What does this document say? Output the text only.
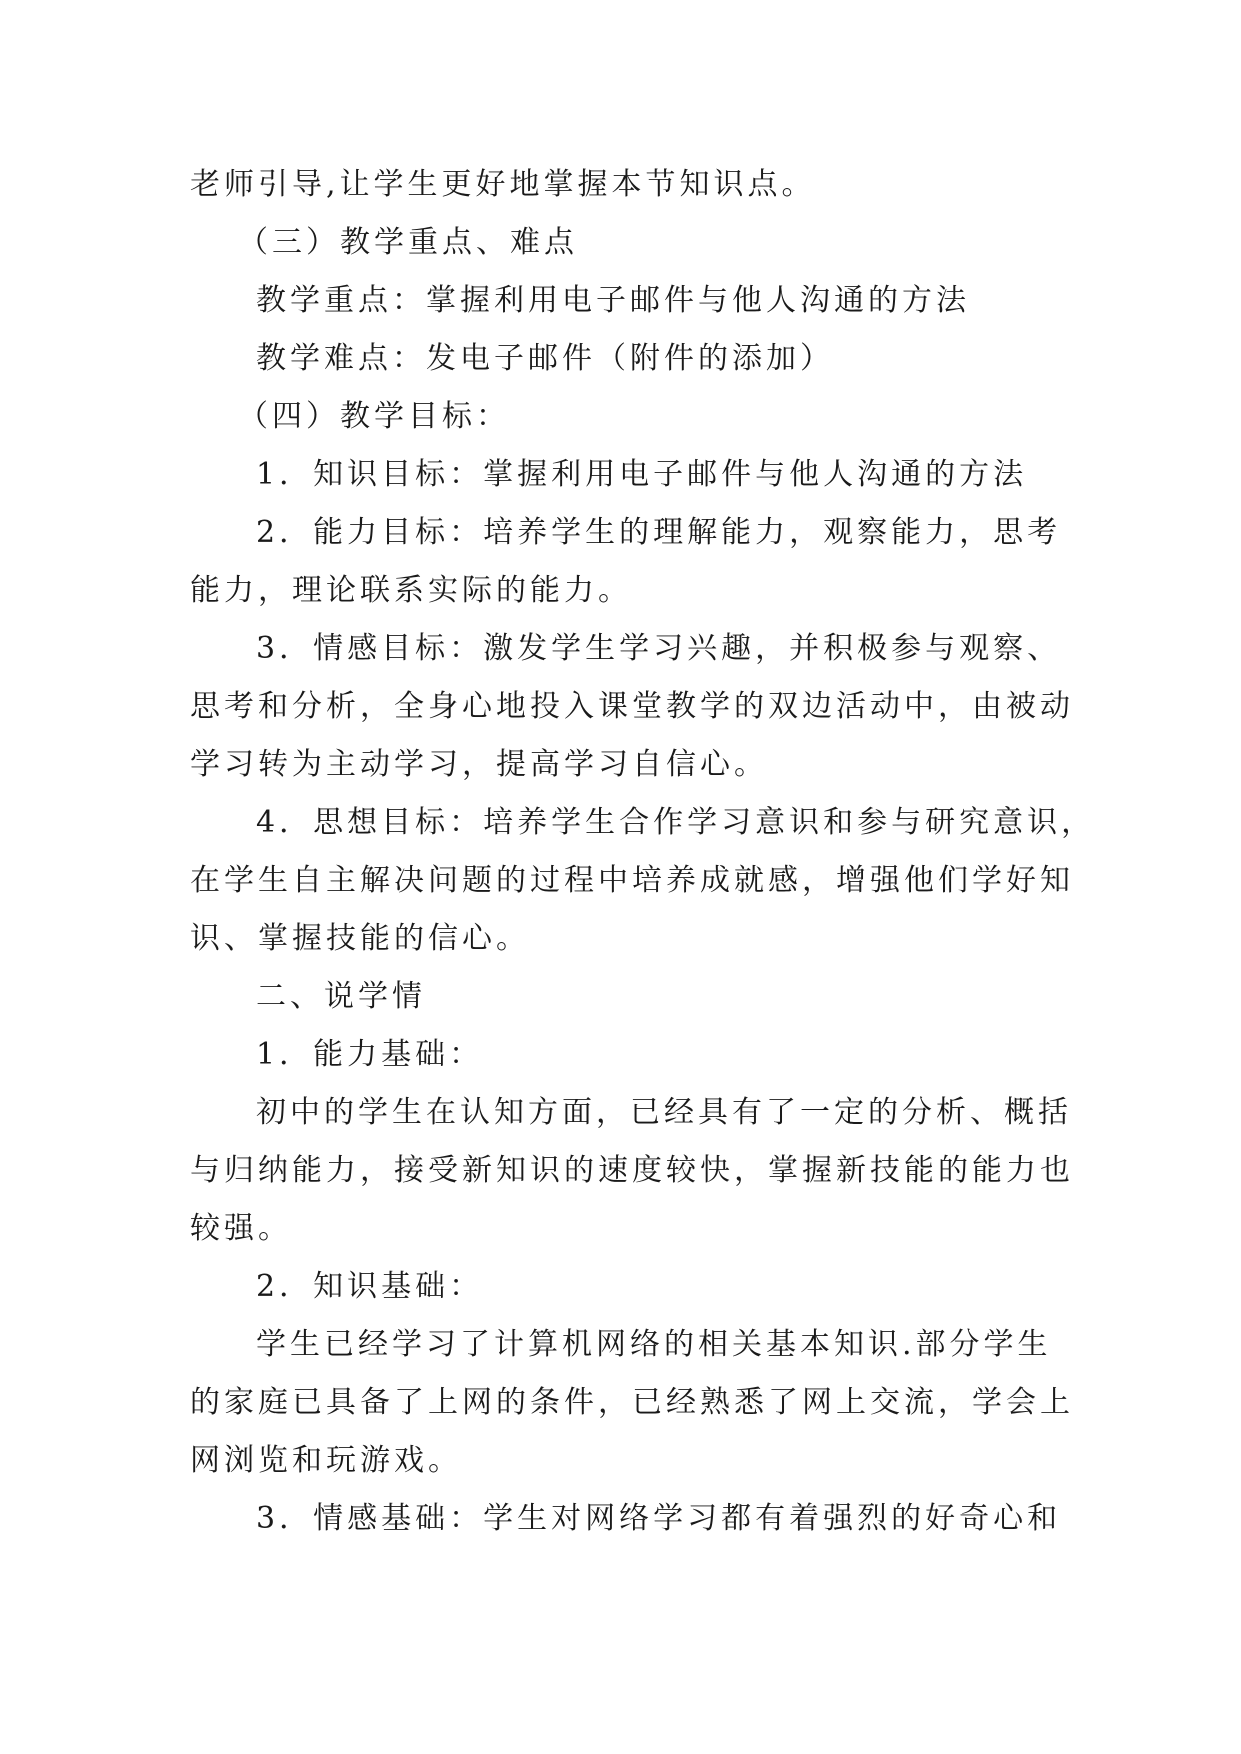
老师引导,让学生更好地掌握本节知识点。
（三）教学重点、难点
教学重点：掌握利用电子邮件与他人沟通的方法
教学难点：发电子邮件（附件的添加）
（四）教学目标：
1．知识目标：掌握利用电子邮件与他人沟通的方法
2．能力目标：培养学生的理解能力，观察能力，思考
能力，理论联系实际的能力。
3．情感目标：激发学生学习兴趣，并积极参与观察、
思考和分析，全身心地投入课堂教学的双边活动中，由被动
学习转为主动学习，提高学习自信心。
4．思想目标：培养学生合作学习意识和参与研究意识，
在学生自主解决问题的过程中培养成就感，增强他们学好知
识、掌握技能的信心。
二、说学情
1．能力基础：
初中的学生在认知方面，已经具有了一定的分析、概括
与归纳能力，接受新知识的速度较快，掌握新技能的能力也
较强。
2．知识基础：
学生已经学习了计算机网络的相关基本知识.部分学生
的家庭已具备了上网的条件，已经熟悉了网上交流，学会上
网浏览和玩游戏。
3．情感基础：学生对网络学习都有着强烈的好奇心和
